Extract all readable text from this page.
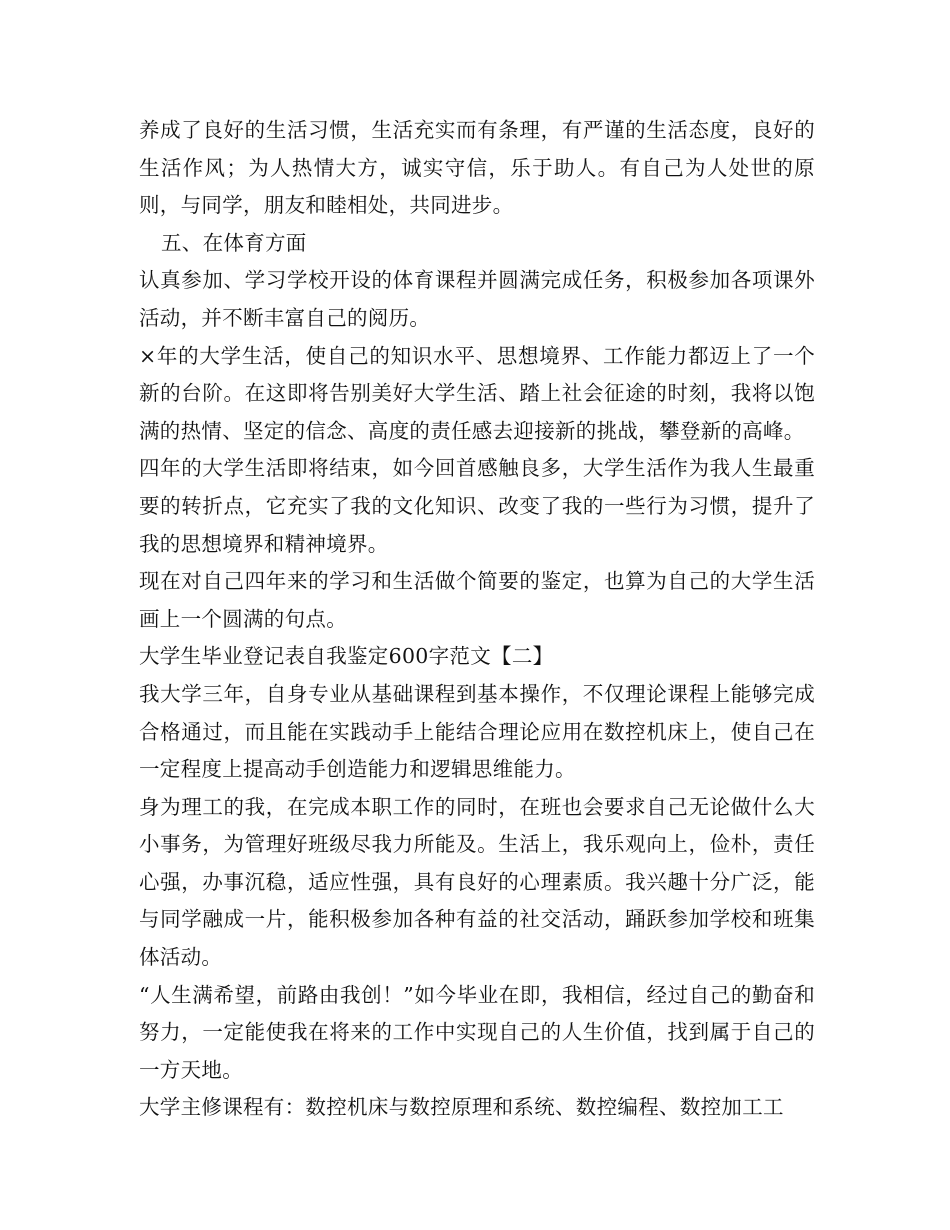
养成了良好的生活习惯，生活充实而有条理，有严谨的生活态度，良好的生活作风；为人热情大方，诚实守信，乐于助人。有自己为人处世的原则，与同学，朋友和睦相处，共同进步。

五、在体育方面

认真参加、学习学校开设的体育课程并圆满完成任务，积极参加各项课外活动，并不断丰富自己的阅历。

×年的大学生活，使自己的知识水平、思想境界、工作能力都迈上了一个新的台阶。在这即将告别美好大学生活、踏上社会征途的时刻，我将以饱满的热情、坚定的信念、高度的责任感去迎接新的挑战，攀登新的高峰。

四年的大学生活即将结束，如今回首感触良多，大学生活作为我人生最重要的转折点，它充实了我的文化知识、改变了我的一些行为习惯，提升了我的思想境界和精神境界。

现在对自己四年来的学习和生活做个简要的鉴定，也算为自己的大学生活画上一个圆满的句点。

大学生毕业登记表自我鉴定600字范文【二】

我大学三年，自身专业从基础课程到基本操作，不仅理论课程上能够完成合格通过，而且能在实践动手上能结合理论应用在数控机床上，使自己在一定程度上提高动手创造能力和逻辑思维能力。

身为理工的我，在完成本职工作的同时，在班也会要求自己无论做什么大小事务，为管理好班级尽我力所能及。生活上，我乐观向上，俭朴，责任心强，办事沉稳，适应性强，具有良好的心理素质。我兴趣十分广泛，能与同学融成一片，能积极参加各种有益的社交活动，踊跃参加学校和班集体活动。

“人生满希望，前路由我创！”如今毕业在即，我相信，经过自己的勤奋和努力，一定能使我在将来的工作中实现自己的人生价值，找到属于自己的一方天地。

大学主修课程有：数控机床与数控原理和系统、数控编程、数控加工工
